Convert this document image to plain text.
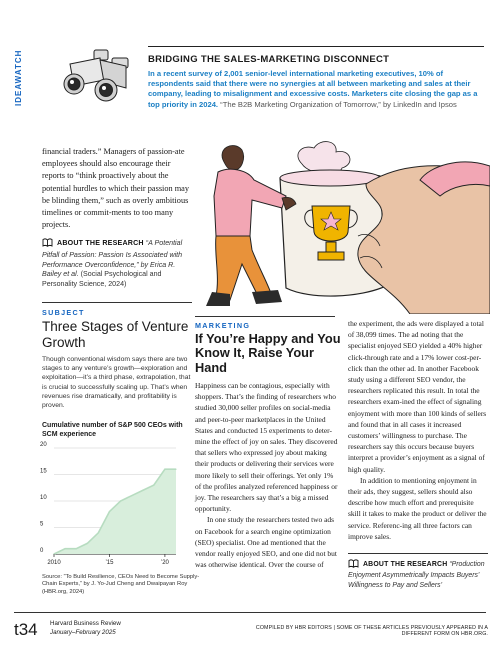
IDEAWATCH	BRIDGING THE SALES-MARKETING DISCONNECT
In a recent survey of 2,001 senior-level international marketing executives, 10% of respondents said that there were no synergies at all between marketing and sales at their company, leading to misalignment and excessive costs. Marketers cite closing the gap as a top priority in 2024. “The B2B Marketing Organization of Tomorrow,” by LinkedIn and Ipsos
financial traders.” Managers of passion-ate employees should also encourage their reports to “think proactively about the potential hurdles to which their passion may be blinding them,” such as overly ambitious timelines or commit-ments to too many projects.
ABOUT THE RESEARCH “A Potential Pitfall of Passion: Passion Is Associated with Performance Overconfidence,” by Erica R. Bailey et al. (Social Psychological and Personality Science, 2024)
SUBJECT
Three Stages of Venture Growth
Though conventional wisdom says there are two stages to any venture’s growth—exploration and exploitation—it’s a third phase, extrapolation, that is crucial to successfully scaling up. That’s when revenues rise dramatically, and profitability is proven.
Cumulative number of S&P 500 CEOs with SCM experience
0
5
10
15
20
2010	’15	’20
Source: “To Build Resilience, CEOs Need to Become Supply-Chain Experts,” by J. Yo-Jud Cheng and Dwaipayan Roy (HBR.org, 2024)
MARKETING
If You’re Happy and You Know It, Raise Your Hand

Happiness can be contagious, especially with shoppers. That’s the finding of researchers who studied 30,000 seller profiles on social-media and peer-to-peer marketplaces in the United States and conducted 15 experiments to deter-mine the effect of joy on sales. They discovered that sellers who expressed joy about making their products or delivering their services were more likely to sell their offerings. Yet only 1% of the profiles analyzed referenced happiness or joy. The researchers say that’s a big a missed opportunity.

In one study the researchers tested two ads on Facebook for a search engine optimization (SEO) specialist. One ad mentioned that the vendor really enjoyed SEO, and one did not but was otherwise identical. Over the course of

the experiment, the ads were displayed a total of 38,099 times. The ad noting that the specialist enjoyed SEO yielded a 40% higher click-through rate and a 17% lower cost-per-click than the other ad. In another Facebook study using a different SEO vendor, the researchers replicated this result. In total the researchers exam-ined the effect of signaling enjoyment with more than 100 kinds of sellers and found that in all cases it increased customers’ willingness to purchase. The researchers say this occurs because buyers interpret a provider’s enjoyment as a signal of high quality.

In addition to mentioning enjoyment in their ads, they suggest, sellers should also describe how much effort and prerequisite skill it takes to make the product or deliver the service. Referenc-ing all three factors can improve sales.

ABOUT THE RESEARCH “Production Enjoyment Asymmetrically Impacts Buyers’ Willingness to Pay and Sellers’
t34 Harvard Business Review
January–February 2025
COMPILED BY HBR EDITORS | SOME OF THESE ARTICLES PREVIOUSLY APPEARED IN A DIFFERENT FORM ON HBR.ORG.
